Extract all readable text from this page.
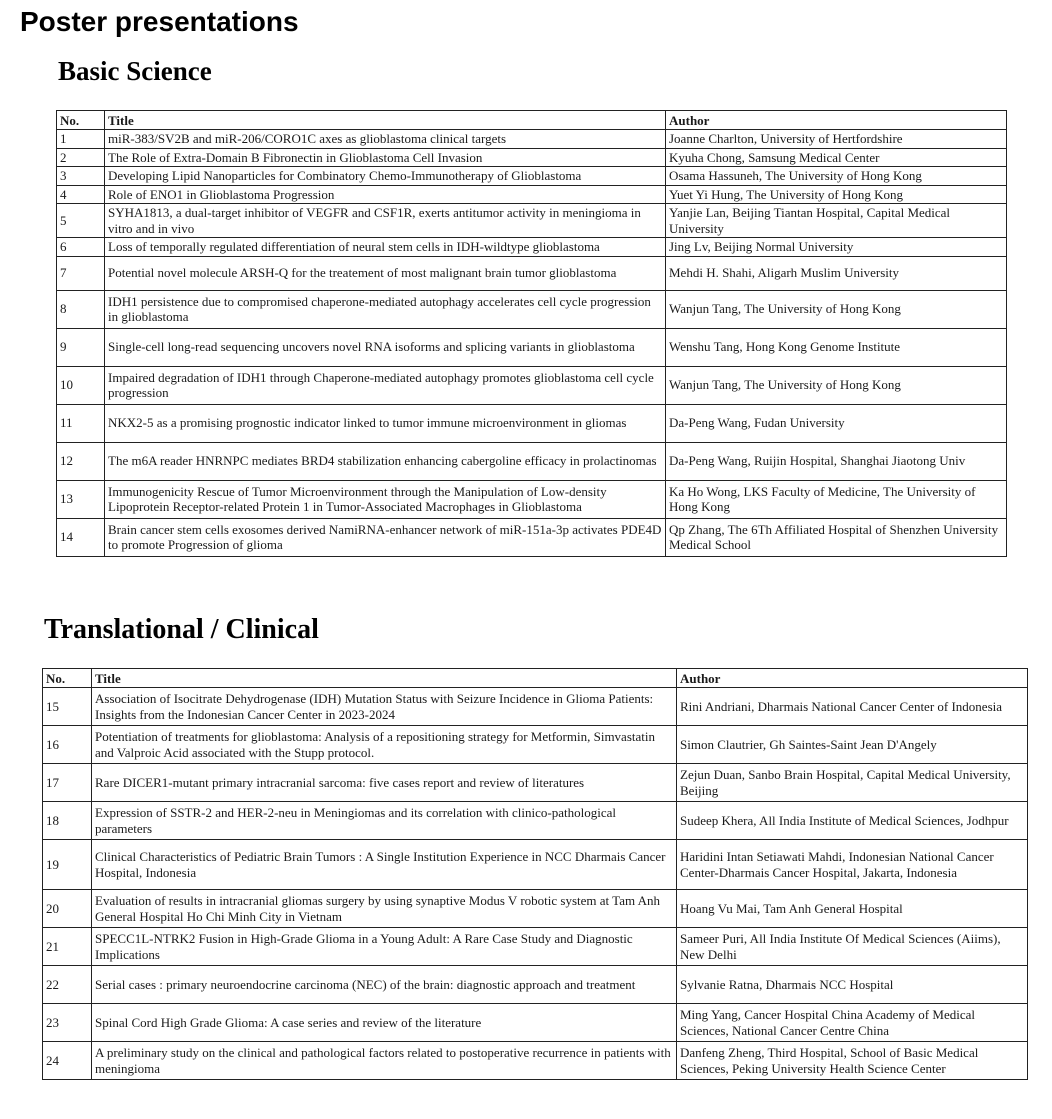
Poster presentations
Basic Science
No.	Title	Author
1	miR-383/SV2B and miR-206/CORO1C axes as glioblastoma clinical targets	Joanne Charlton, University of Hertfordshire
2	The Role of Extra-Domain B Fibronectin in Glioblastoma Cell Invasion	Kyuha Chong, Samsung Medical Center
3	Developing Lipid Nanoparticles for Combinatory Chemo-Immunotherapy of Glioblastoma	Osama Hassuneh, The University of Hong Kong
4	Role of ENO1 in Glioblastoma Progression	Yuet Yi Hung, The University of Hong Kong
5	SYHA1813, a dual-target inhibitor of VEGFR and CSF1R, exerts antitumor activity in meningioma in vitro and in vivo	Yanjie Lan, Beijing Tiantan Hospital, Capital Medical University
6	Loss of temporally regulated differentiation of neural stem cells in IDH-wildtype glioblastoma	Jing Lv, Beijing Normal University
7	Potential novel molecule ARSH-Q for the treatement of most malignant brain tumor glioblastoma	Mehdi H. Shahi, Aligarh Muslim University
8	IDH1 persistence due to compromised chaperone-mediated autophagy accelerates cell cycle progression in glioblastoma	Wanjun Tang, The University of Hong Kong
9	Single-cell long-read sequencing uncovers novel RNA isoforms and splicing variants in glioblastoma	Wenshu Tang, Hong Kong Genome Institute
10	Impaired degradation of IDH1 through Chaperone-mediated autophagy promotes glioblastoma cell cycle progression	Wanjun Tang, The University of Hong Kong
11	NKX2-5 as a promising prognostic indicator linked to tumor immune microenvironment in gliomas	Da-Peng Wang, Fudan University
12	The m6A reader HNRNPC mediates BRD4 stabilization enhancing cabergoline efficacy in prolactinomas	Da-Peng Wang, Ruijin Hospital, Shanghai Jiaotong Univ
13	Immunogenicity Rescue of Tumor Microenvironment through the Manipulation of Low-density Lipoprotein Receptor-related Protein 1 in Tumor-Associated Macrophages in Glioblastoma	Ka Ho Wong, LKS Faculty of Medicine, The University of Hong Kong
14	Brain cancer stem cells exosomes derived NamiRNA-enhancer network of miR-151a-3p activates PDE4D to promote Progression of glioma	Qp Zhang, The 6Th Affiliated Hospital of Shenzhen University Medical School
Translational / Clinical
No.	Title	Author
15	Association of Isocitrate Dehydrogenase (IDH) Mutation Status with Seizure Incidence in Glioma Patients: Insights from the Indonesian Cancer Center in 2023-2024	Rini Andriani, Dharmais National Cancer Center of Indonesia
16	Potentiation of treatments for glioblastoma: Analysis of a repositioning strategy for Metformin, Simvastatin and Valproic Acid associated with the Stupp protocol.	Simon Clautrier, Gh Saintes-Saint Jean D'Angely
17	Rare DICER1-mutant primary intracranial sarcoma: five cases report and review of literatures	Zejun Duan, Sanbo Brain Hospital, Capital Medical University, Beijing
18	Expression of SSTR-2 and HER-2-neu in Meningiomas and its correlation with clinico-pathological parameters	Sudeep Khera, All India Institute of Medical Sciences, Jodhpur
19	Clinical Characteristics of Pediatric Brain Tumors : A Single Institution Experience in NCC Dharmais Cancer Hospital, Indonesia	Haridini Intan Setiawati Mahdi, Indonesian National Cancer Center-Dharmais Cancer Hospital, Jakarta, Indonesia
20	Evaluation of results in intracranial gliomas surgery by using synaptive Modus V robotic system at Tam Anh General Hospital Ho Chi Minh City in Vietnam	Hoang Vu Mai, Tam Anh General Hospital
21	SPECC1L-NTRK2 Fusion in High-Grade Glioma in a Young Adult: A Rare Case Study and Diagnostic Implications	Sameer Puri, All India Institute Of Medical Sciences (Aiims), New Delhi
22	Serial cases : primary neuroendocrine carcinoma (NEC) of the brain: diagnostic approach and treatment	Sylvanie Ratna, Dharmais NCC Hospital
23	Spinal Cord High Grade Glioma: A case series and review of the literature	Ming Yang, Cancer Hospital China Academy of Medical Sciences, National Cancer Centre China
24	A preliminary study on the clinical and pathological factors related to postoperative recurrence in patients with meningioma	Danfeng Zheng, Third Hospital, School of Basic Medical Sciences, Peking University Health Science Center
